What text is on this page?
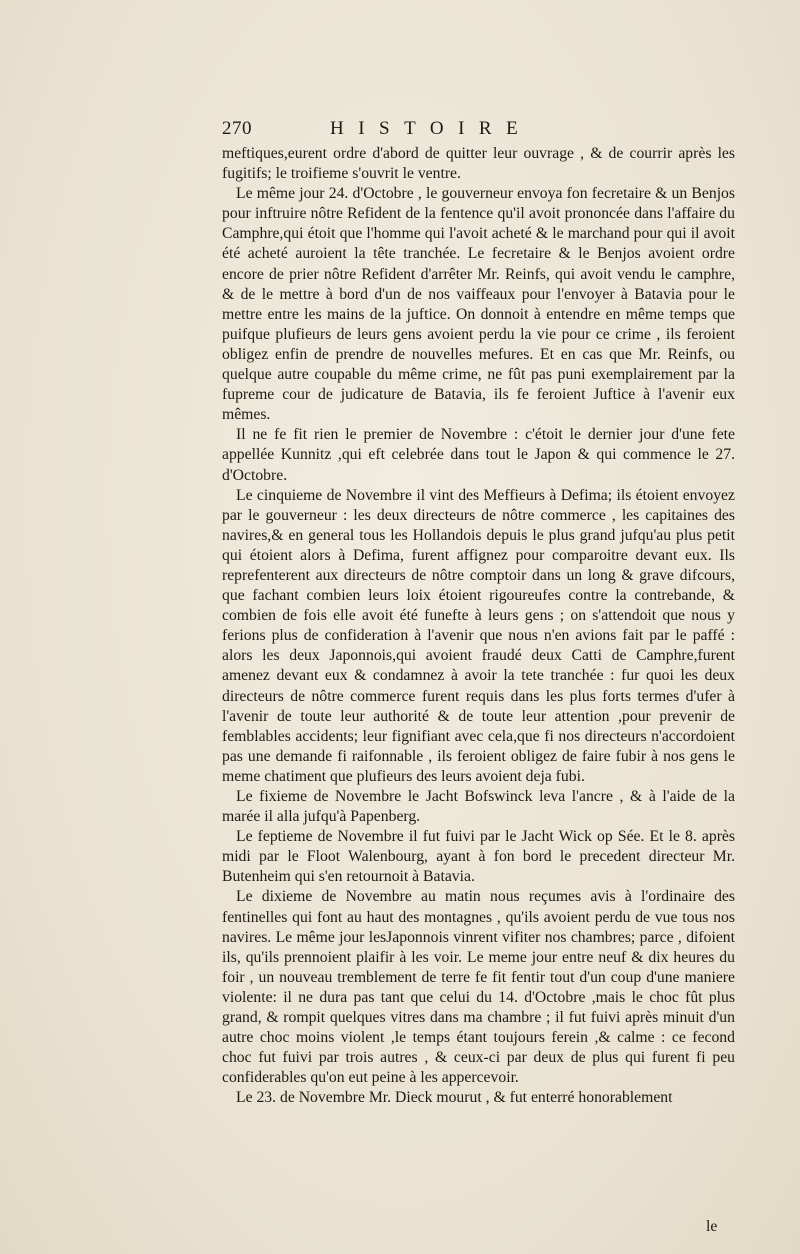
270	HISTOIRE

meftiques,eurent ordre d'abord de quitter leur ouvrage , & de courrir après les fugitifs; le troifieme s'ouvrit le ventre.

Le même jour 24. d'Octobre , le gouverneur envoya fon fecretaire & un Benjos pour inftruire nôtre Refident de la fentence qu'il avoit prononcée dans l'affaire du Camphre,qui étoit que l'homme qui l'avoit acheté & le marchand pour qui il avoit été acheté auroient la tête tranchée. Le fecretaire & le Benjos avoient ordre encore de prier nôtre Refident d'arrêter Mr. Reinfs, qui avoit vendu le camphre, & de le mettre à bord d'un de nos vaiffeaux pour l'envoyer à Batavia pour le mettre entre les mains de la juftice. On donnoit à entendre en même temps que puifque plufieurs de leurs gens avoient perdu la vie pour ce crime , ils feroient obligez enfin de prendre de nouvelles mefures. Et en cas que Mr. Reinfs, ou quelque autre coupable du même crime, ne fût pas puni exemplairement par la fupreme cour de judicature de Batavia, ils fe feroient Juftice à l'avenir eux mêmes.

Il ne fe fit rien le premier de Novembre : c'étoit le dernier jour d'une fete appellée Kunnitz ,qui eft celebrée dans tout le Japon & qui commence le 27. d'Octobre.

Le cinquieme de Novembre il vint des Meffieurs à Defima; ils étoient envoyez par le gouverneur : les deux directeurs de nôtre commerce , les capitaines des navires,& en general tous les Hollandois depuis le plus grand jufqu'au plus petit qui étoient alors à Defima, furent affignez pour comparoitre devant eux. Ils reprefenterent aux directeurs de nôtre comptoir dans un long & grave difcours, que fachant combien leurs loix étoient rigoureufes contre la contrebande, & combien de fois elle avoit été funefte à leurs gens ; on s'attendoit que nous y ferions plus de confideration à l'avenir que nous n'en avions fait par le paffé : alors les deux Japonnois,qui avoient fraudé deux Catti de Camphre,furent amenez devant eux & condamnez à avoir la tete tranchée : fur quoi les deux directeurs de nôtre commerce furent requis dans les plus forts termes d'ufer à l'avenir de toute leur authorité & de toute leur attention ,pour prevenir de femblables accidents; leur fignifiant avec cela,que fi nos directeurs n'accordoient pas une demande fi raifonnable , ils feroient obligez de faire fubir à nos gens le meme chatiment que plufieurs des leurs avoient deja fubi.

Le fixieme de Novembre le Jacht Bofswinck leva l'ancre , & à l'aide de la marée il alla jufqu'à Papenberg.

Le feptieme de Novembre il fut fuivi par le Jacht Wick op Sée. Et le 8. après midi par le Floot Walenbourg, ayant à fon bord le precedent directeur Mr. Butenheim qui s'en retournoit à Batavia.

Le dixieme de Novembre au matin nous reçumes avis à l'ordinaire des fentinelles qui font au haut des montagnes , qu'ils avoient perdu de vue tous nos navires. Le même jour lesJaponnois vinrent vifiter nos chambres; parce , difoient ils, qu'ils prennoient plaifir à les voir. Le meme jour entre neuf & dix heures du foir , un nouveau tremblement de terre fe fit fentir tout d'un coup d'une maniere violente: il ne dura pas tant que celui du 14. d'Octobre ,mais le choc fût plus grand, & rompit quelques vitres dans ma chambre ; il fut fuivi après minuit d'un autre choc moins violent ,le temps étant toujours ferein ,& calme : ce fecond choc fut fuivi par trois autres , & ceux-ci par deux de plus qui furent fi peu confiderables qu'on eut peine à les appercevoir.

Le 23. de Novembre Mr. Dieck mourut , & fut enterré honorablement

le
